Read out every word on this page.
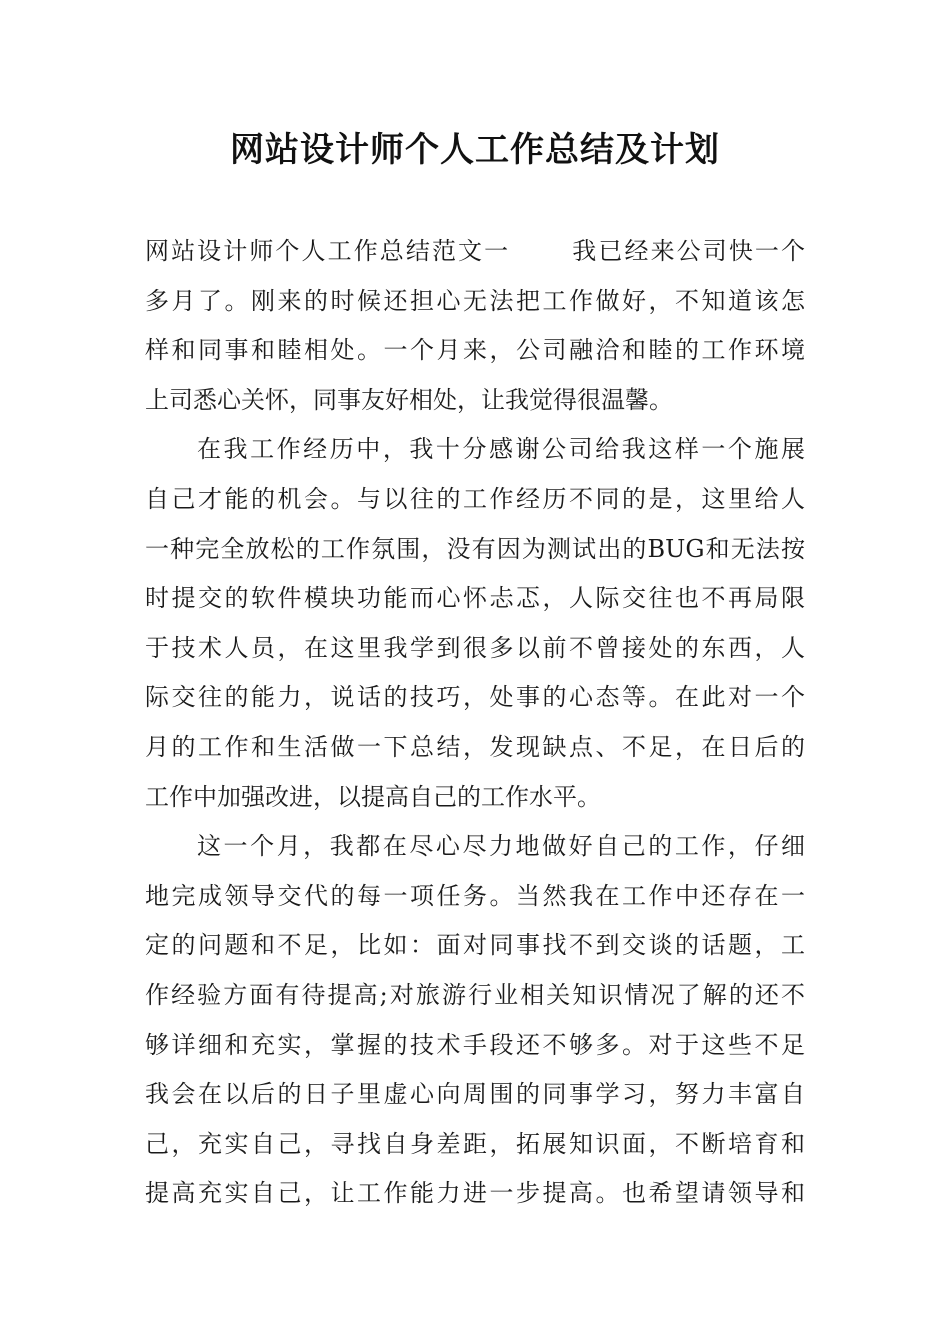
网站设计师个人工作总结及计划
网站设计师个人工作总结范文一	我已经来公司快一个
多月了。刚来的时候还担心无法把工作做好，不知道该怎
样和同事和睦相处。一个月来，公司融洽和睦的工作环境
上司悉心关怀，同事友好相处，让我觉得很温馨。
在我工作经历中，我十分感谢公司给我这样一个施展
自己才能的机会。与以往的工作经历不同的是，这里给人
一种完全放松的工作氛围，没有因为测试出的BUG和无法按
时提交的软件模块功能而心怀忐忑，人际交往也不再局限
于技术人员，在这里我学到很多以前不曾接处的东西，人
际交往的能力，说话的技巧，处事的心态等。在此对一个
月的工作和生活做一下总结，发现缺点、不足，在日后的
工作中加强改进，以提高自己的工作水平。
这一个月，我都在尽心尽力地做好自己的工作，仔细
地完成领导交代的每一项任务。当然我在工作中还存在一
定的问题和不足，比如：面对同事找不到交谈的话题，工
作经验方面有待提高;对旅游行业相关知识情况了解的还不
够详细和充实，掌握的技术手段还不够多。对于这些不足
我会在以后的日子里虚心向周围的同事学习，努力丰富自
己，充实自己，寻找自身差距，拓展知识面，不断培育和
提高充实自己，让工作能力进一步提高。也希望请领导和
